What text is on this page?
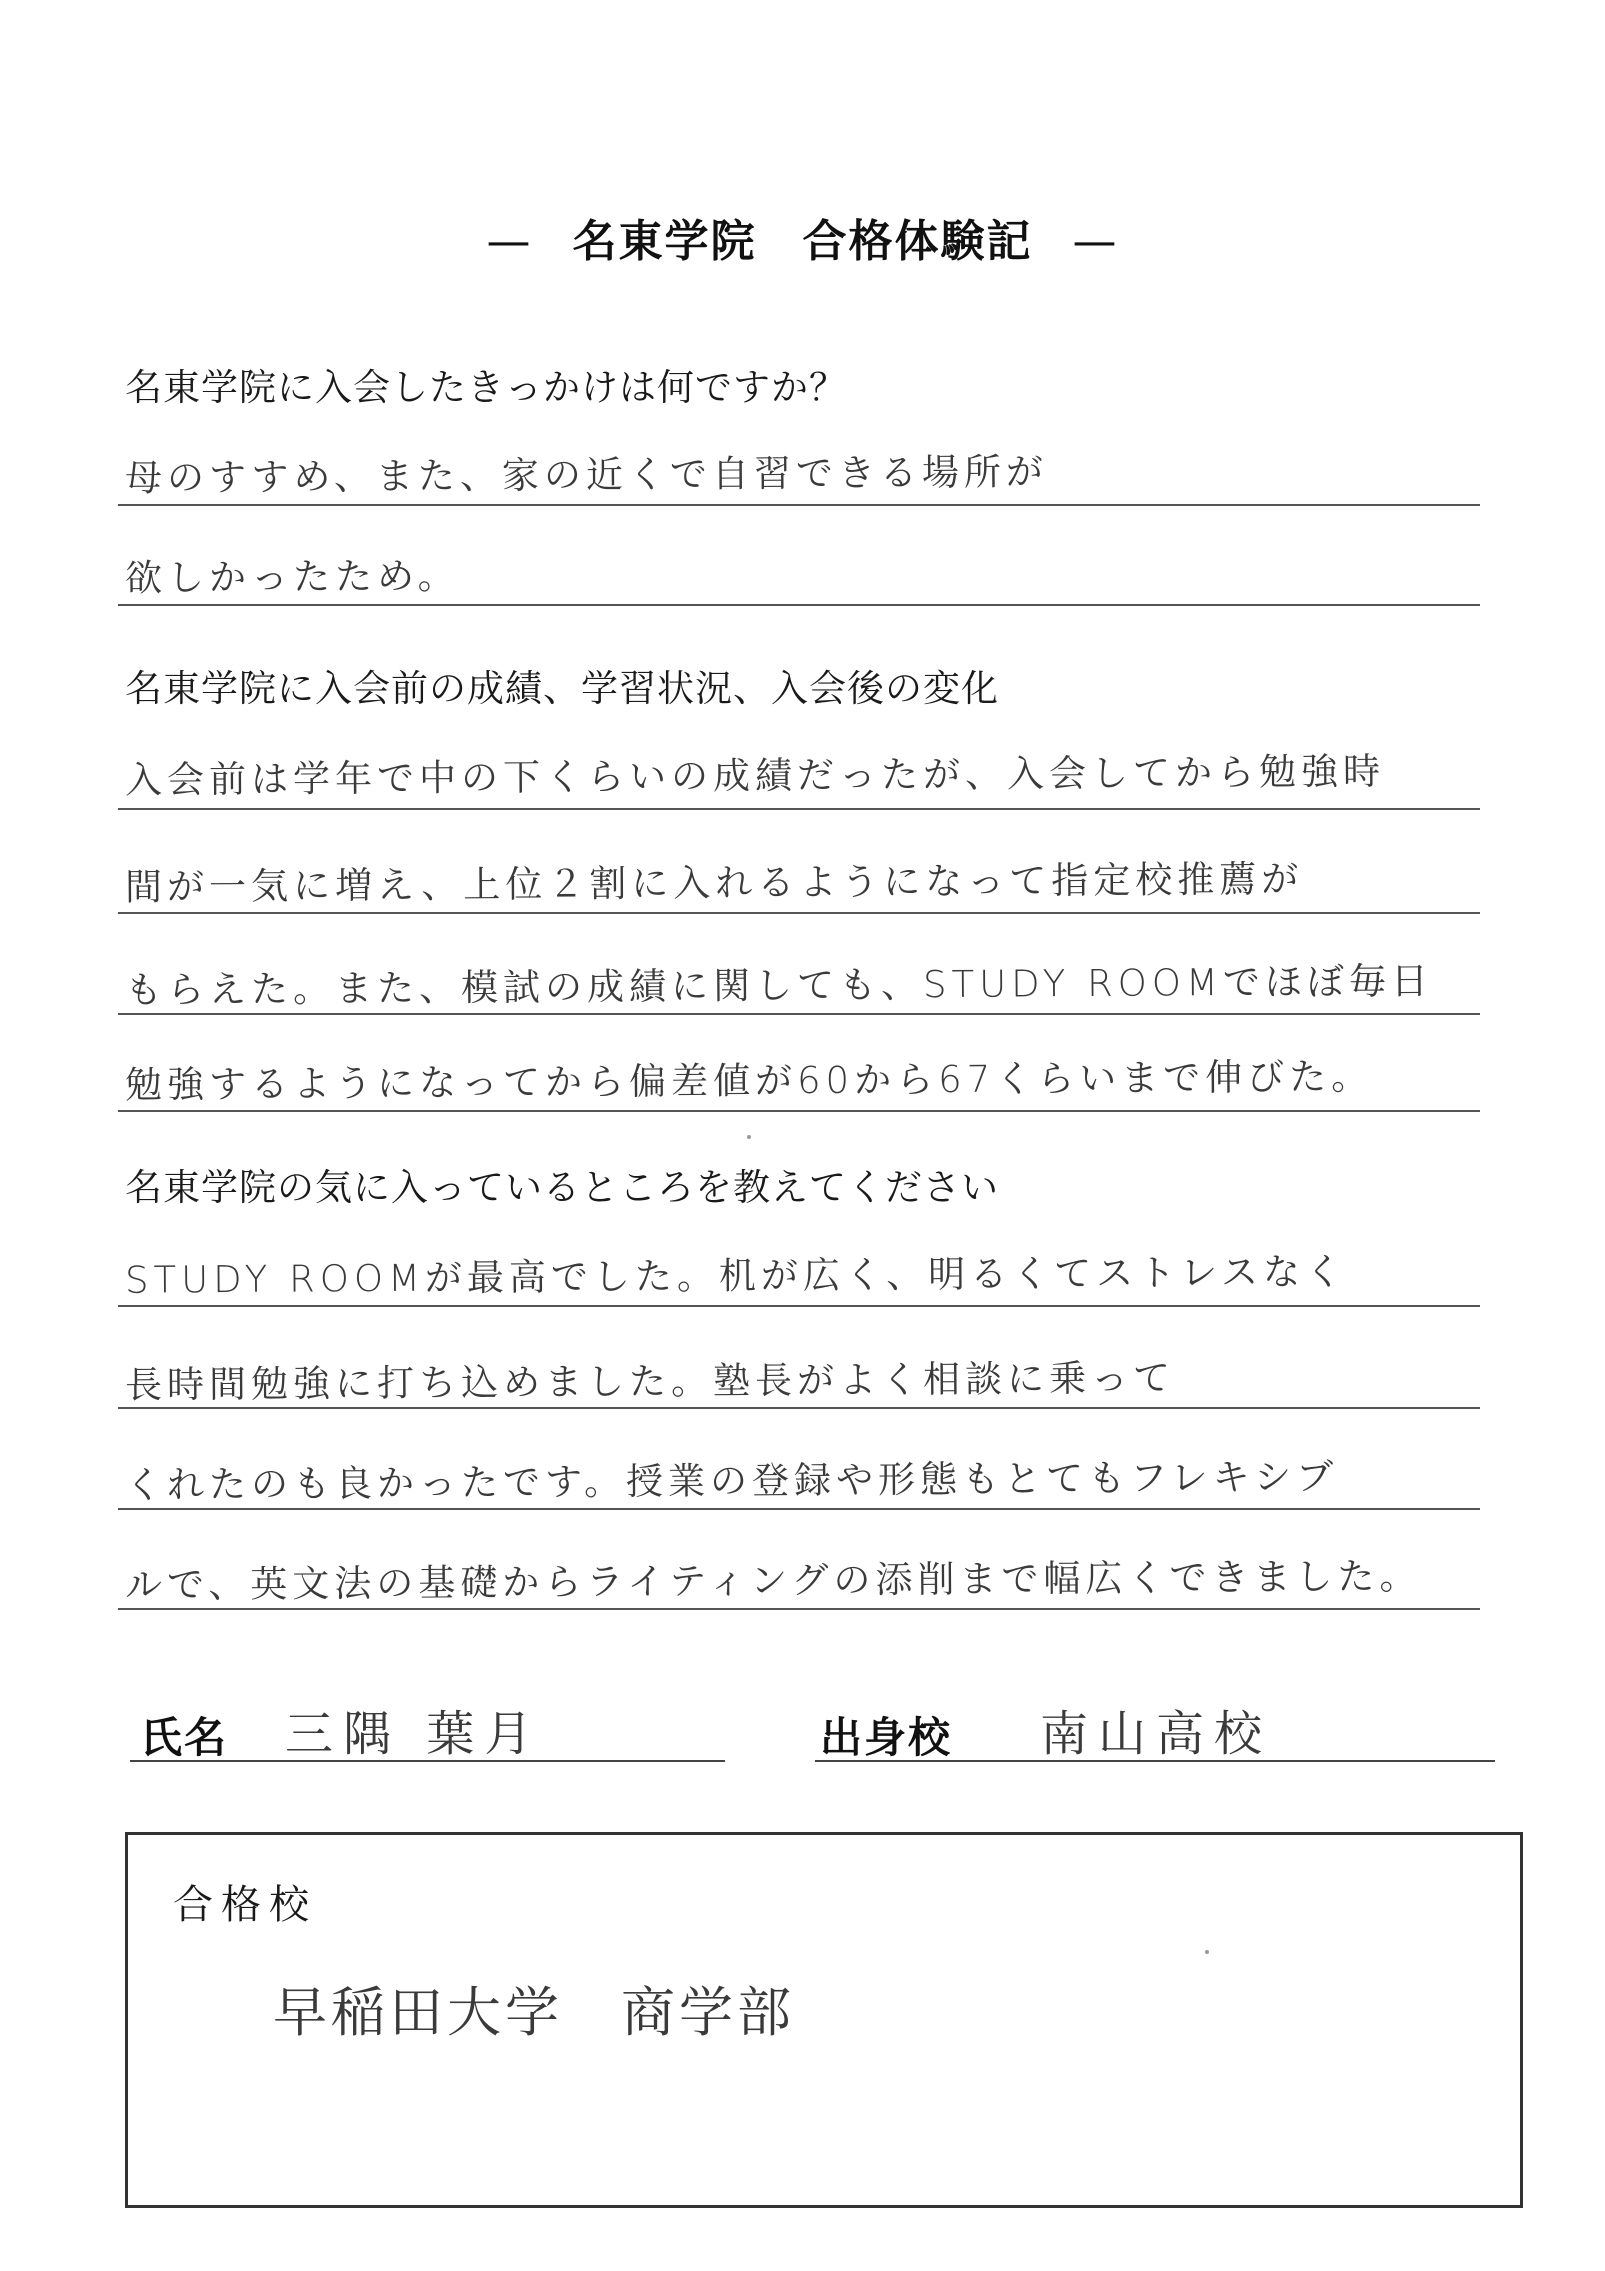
— 名東学院　合格体験記 —
名東学院に入会したきっかけは何ですか？
母のすすめ、また、家の近くで自習できる場所が
欲しかったため。
名東学院に入会前の成績、学習状況、入会後の変化
入会前は学年で中の下くらいの成績だったが、入会してから勉強時
間が一気に増え、上位２割に入れるようになって指定校推薦が
もらえた。また、模試の成績に関しても、STUDY ROOMでほぼ毎日
勉強するようになってから偏差値が60から67くらいまで伸びた。
名東学院の気に入っているところを教えてください
STUDY ROOMが最高でした。机が広く、明るくてストレスなく
長時間勉強に打ち込めました。塾長がよく相談に乗って
くれたのも良かったです。授業の登録や形態もとてもフレキシブ
ルで、英文法の基礎からライティングの添削まで幅広くできました。
氏名 三隅 葉月	出身校 南山高校
合格校
早稲田大学　商学部
